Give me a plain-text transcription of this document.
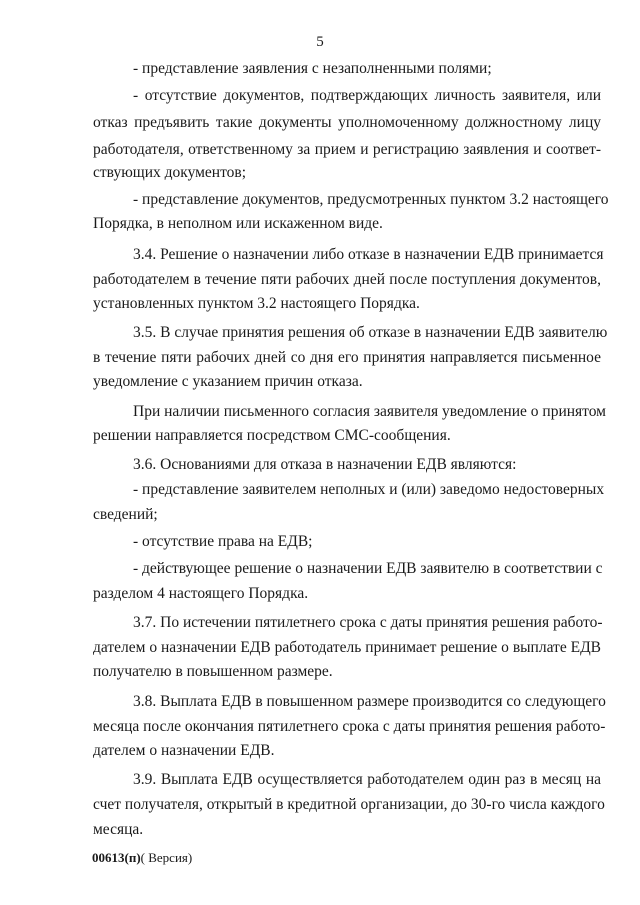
5
- представление заявления с незаполненными полями;
- отсутствие документов, подтверждающих личность заявителя, или
отказ предъявить такие документы уполномоченному должностному лицу
работодателя, ответственному за прием и регистрацию заявления и соответ-
ствующих документов;
- представление документов, предусмотренных пунктом 3.2 настоящего
Порядка, в неполном или искаженном виде.
3.4. Решение о назначении либо отказе в назначении ЕДВ принимается
работодателем в течение пяти рабочих дней после поступления документов,
установленных пунктом 3.2 настоящего Порядка.
3.5. В случае принятия решения об отказе в назначении ЕДВ заявителю
в течение пяти рабочих дней со дня его принятия направляется письменное
уведомление с указанием причин отказа.
При наличии письменного согласия заявителя уведомление о принятом
решении направляется посредством СМС-сообщения.
3.6. Основаниями для отказа в назначении ЕДВ являются:
- представление заявителем неполных и (или) заведомо недостоверных
сведений;
- отсутствие права на ЕДВ;
- действующее решение о назначении ЕДВ заявителю в соответствии с
разделом 4 настоящего Порядка.
3.7. По истечении пятилетнего срока с даты принятия решения работо-
дателем о назначении ЕДВ работодатель принимает решение о выплате ЕДВ
получателю в повышенном размере.
3.8. Выплата ЕДВ в повышенном размере производится со следующего
месяца после окончания пятилетнего срока с даты принятия решения работо-
дателем о назначении ЕДВ.
3.9. Выплата ЕДВ осуществляется работодателем один раз в месяц на
счет получателя, открытый в кредитной организации, до 30-го числа каждого
месяца.
00613(п)( Версия)
